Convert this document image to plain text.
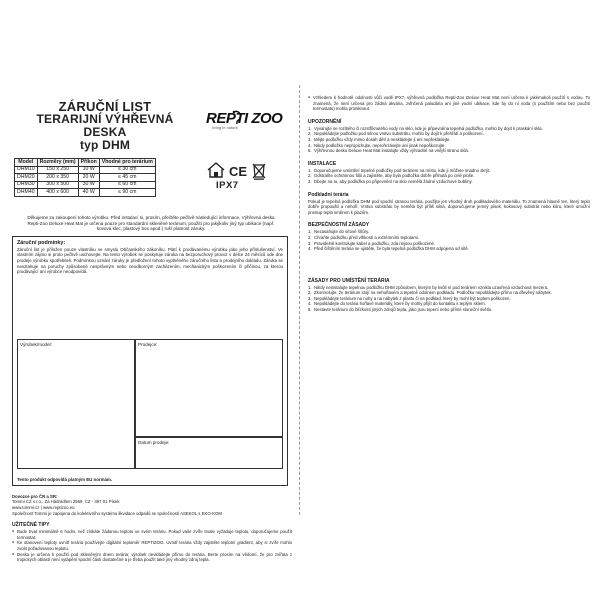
ZÁRUČNÍ LIST
TERARIJNÍ VÝHŘEVNÁ DESKA
typ DHM
REPTI ZOO
living in nature
Model	Rozměry (mm)	Příkon	Vhodné pro terárium
DHM10	150 x 250	10 W	≤ 30 cm
DHM20	200 x 350	20 W	≤ 45 cm
DHM30	300 x 500	30 W	≤ 60 cm
DHM40	400 x 600	40 W	≤ 90 cm
CE
IPX7

Děkujeme za zakoupení tohoto výrobku. Před instalací si, prosím, přečtěte pečlivě následující informace. Výhřevná deska Repti-Zoo Deluxe Heat Mat je určena pouze pro standardní skleněné terárium, použití pro jakýkoliv jiný typ ubikace (např. kovová klec, plastový box apod.) ruší platnost záruky.

Záruční podmínky:

Záruční list je přiložen pouze vlastníku ve smyslu Občanského zákoníku. Platí k prodávanému výrobku jako jeho příslušenství. Ve vlastním zájmu si proto pečlivě uschovejte. Na tento výrobek se poskytuje záruka na bezporuchový provoz v délce 24 měsíců ode dne prodeje výrobku spotřebiteli. Podmínkou uznání záruky je předložení tohoto vyplněného záručního listu a prodejního dokladu. Záruka se nevztahuje na poruchy způsobené nesprávným nebo neodborným zacházením, mechanickým poškozením či přičinou, za kterou prodávající ani výrobce neodpovídá.

Výrobek/model:	Prodejce:
Datum prodeje:
Tento produkt odpovídá platným EU normám.
Dovozce pro ČR a SR:
Tommi CZ s.r.o., Za Hádradlem 2569, CZ - 397 01 Písek
www.tommi.cz | www.reptizoo.eu
Společnost Tommi je zapojena do kolektivního systému likvidace odpadů se společností ASEKOL s EKO-KOM
UŽITEČNÉ TIPY
● Bude trvat minimálně 6 hodin, než získáte žádanou teplotu ve svém teráriu. Pokud vaše zvíře trvale vyžaduje teplotu, doporučujeme použít termostat.
● Ke stanovení teploty uvnitř terária používejte digitální teploměr REPTIZOO. Uvnitř terária vždy zajistěte teplotní gradient, aby si zvíře mohlo zvolit požadovanou teplotu.
● Deska je určena k použití pod skleněným dnem terária; výrobek nevkládejte přímo do terária. Berte prosím na vědomí, že pro zvířata z tropických oblastí není vytápění spodní části dostatečné a je třeba použít také jiný vhodný zdroj tepla.

● Vzhledem k hodnotě odolnosti vůči vodě IPX7, výhřevná podložka Repti-Zoo Deluxe Heat Mat není určena k jakémukoli použití s vodou. To znamená, že není určena pro žádná akvária, zvlhčená paludária ani jiné vodní ubikace, kde by do ní voda (s použitím nebo bez použití termostatu) mohla proniknout.

UPOZORNĚNÍ
1. Vyvarujte se rozlitého či rozstříknutého vody na sklo, kde je připevněna tepelná podložka, mohlo by dojít k praskání skla.
2. Nepokládejte podložku pod silnou vrstvu substrátu, mohlo by dojít k přehřátí a poškození.
3. Mějte podložku vždy mimo dosah dětí a neskládejte ji ani nepřekládejte.
4. Nikdy podložku nepropichujte, neprořezávejte ani jinak nepoškozujte.
5. Výhřevnou desku Deluxe Heat Mat instalujte vždy výhradně na vnější stranu skla.
INSTALACE
1. Doporučujeme umístění tepelné podložky pod teráriem na místo, kde ji můžete snadno skrýt.
2. Odstraňte ochrannou fólii a zajistěte, aby byla podložka dobře přilnutá po celé ploše.
3. Dbejte na to, aby podložka po připevnění na sklo neměla žádné vzduchové bubliny.
Podkladní terária

Pokud je tepelná podložka DHM pod spodní stranou terária, použijte jen vhodný druh podkladového materiálu. To znamená hlavně ten, který teplo dobře propouští a nehoří. Vrstva substrátu by neměla být příliš silná, doporučujeme jemný písek, kokosový substrát nebo kůru, které umožní prostup tepla směrem k plazům.

BEZPEČNOSTNÍ ZÁSADY
1. Nezasahujte do sítové šňůry.
2. Chraňte podložku před vlhkostí a extrémními teplotami.
3. Pravidelně kontrolujte kabel a podložku, zda nejsou poškozené.
4. Před čištěním terária se ujistěte, že byla tepelná podložka DHM odpojena od sítě.
ZÁSADY PRO UMÍSTĚNÍ TERÁRIA
1. Nikdy neinstalujte tepelnou podložku DHM způsobem, kterým by kvůli ní pod teráriem vznikla uzavřená vzduchová mezera.
2. Zkontrolujte, že terárium stojí na nehořlavém a tepelně odolném podkladu. Podložku nepokládejte přímo na dřevěný nábytek.
3. Nepokládejte terárium na nohy a na nábytek z plastu či na podklad, který by mohl být teplem poškozen.
4. Nepokládejte do terária hořlavé materiály, které by mohly přijít do kontaktu s teplým sklem.
5. Nestavte terárium do blízkosti jiných zdrojů tepla, jako jsou topení nebo přímé sluneční světlo.
